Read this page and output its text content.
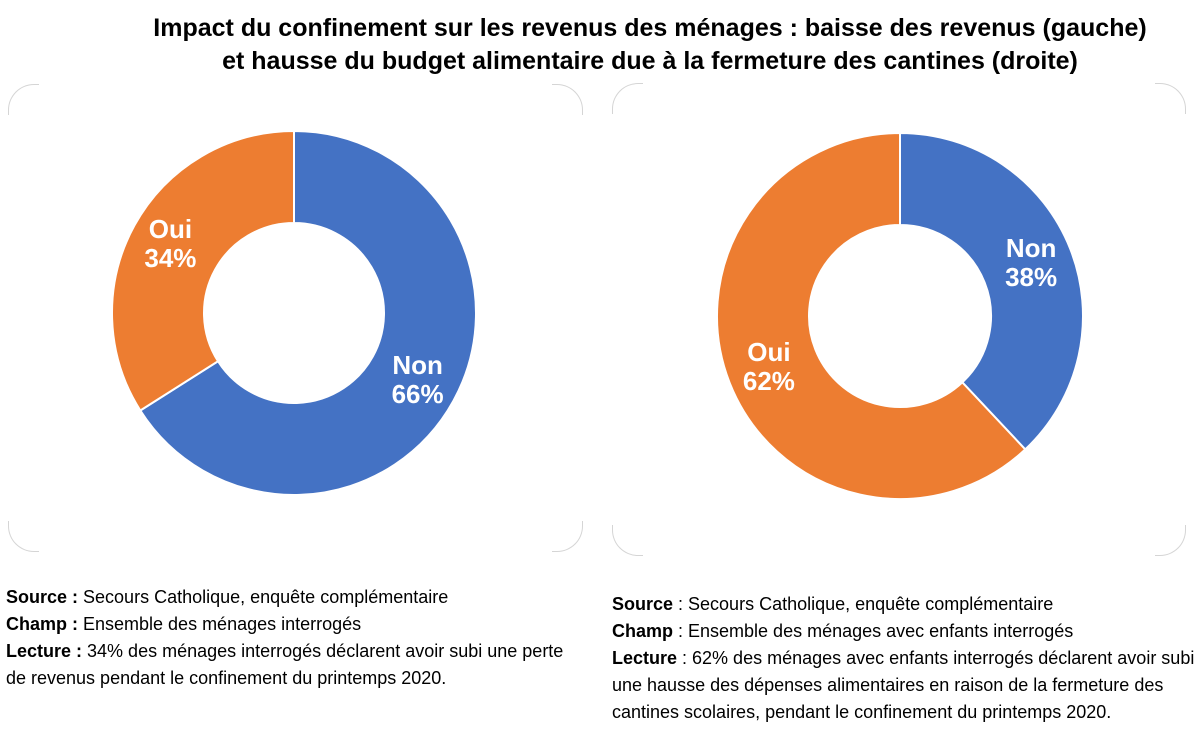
Impact du confinement sur les revenus des ménages : baisse des revenus (gauche)
et hausse du budget alimentaire due à la fermeture des cantines (droite)
Non
66%
Oui
34%	Non
38%
Oui
62%

Source : Secours Catholique, enquête complémentaire

Champ : Ensemble des ménages interrogés

Lecture : 34% des ménages interrogés déclarent avoir subi une perte de revenus pendant le confinement du printemps 2020.

Source : Secours Catholique, enquête complémentaire

Champ : Ensemble des ménages avec enfants interrogés

Lecture : 62% des ménages avec enfants interrogés déclarent avoir subi une hausse des dépenses alimentaires en raison de la fermeture des cantines scolaires, pendant le confinement du printemps 2020.
